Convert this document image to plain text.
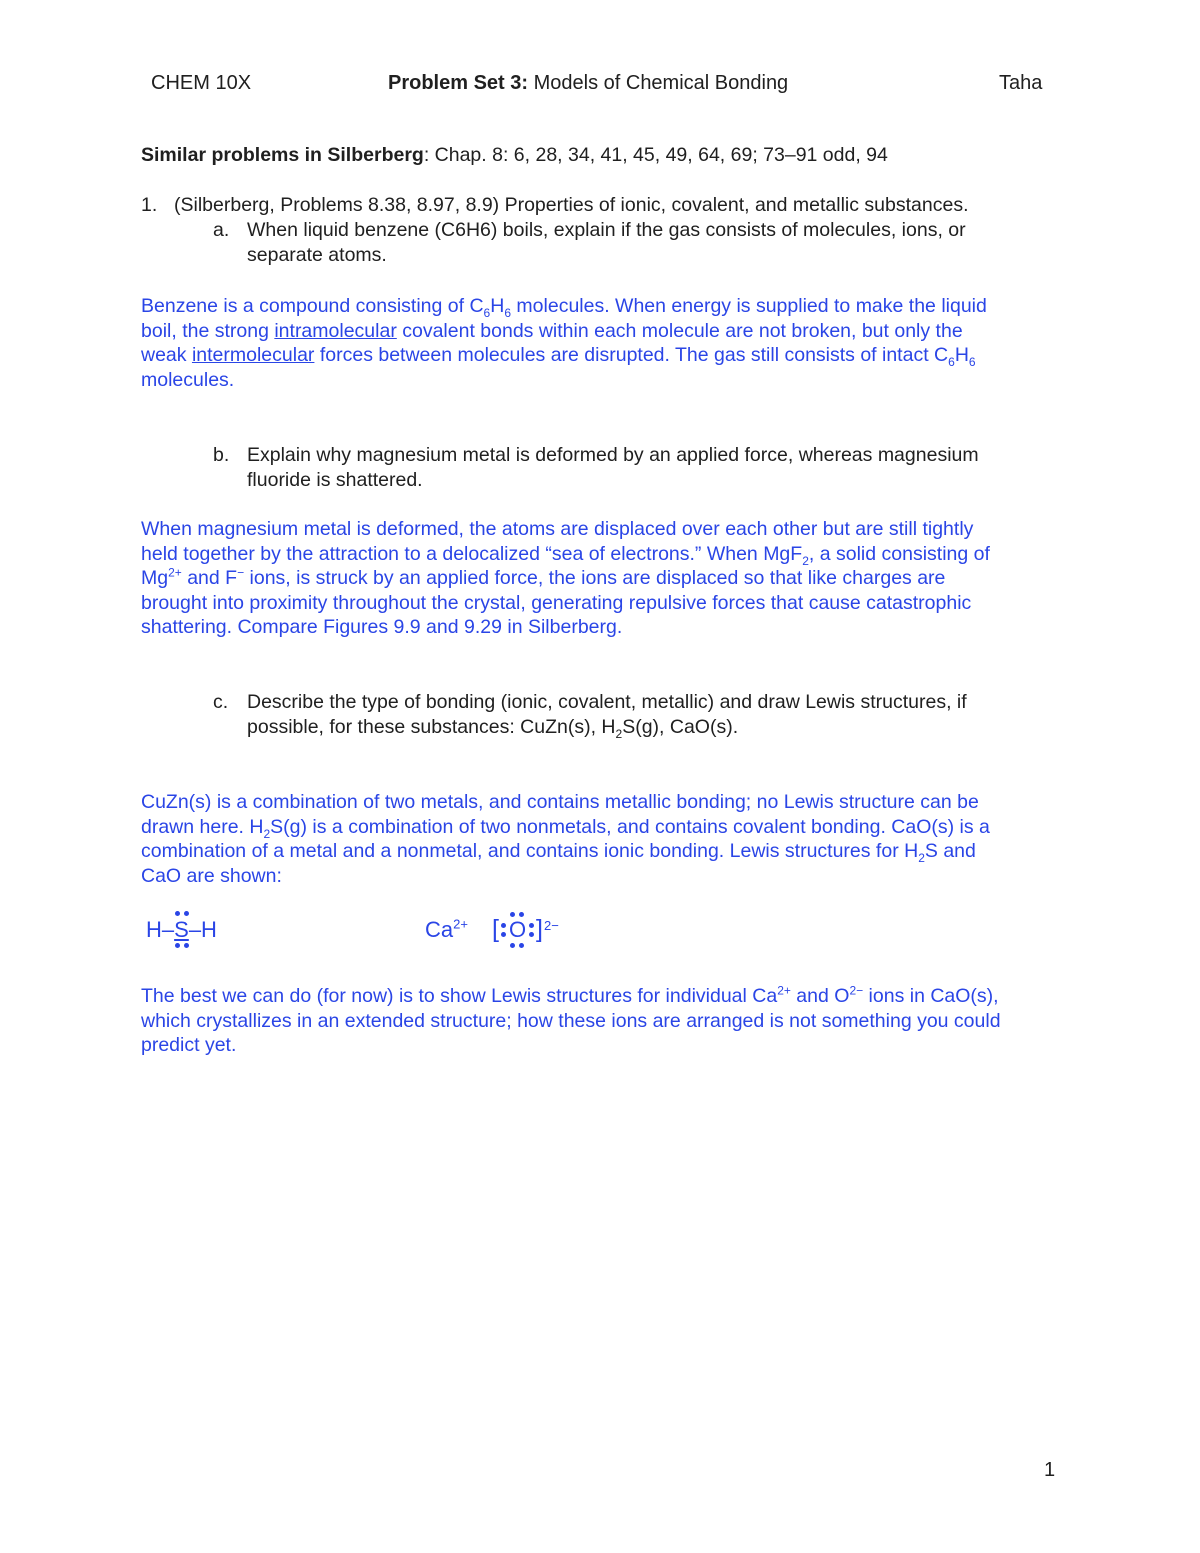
CHEM 10X	Problem Set 3: Models of Chemical Bonding	Taha
Similar problems in Silberberg: Chap. 8: 6, 28, 34, 41, 45, 49, 64, 69; 73–91 odd, 94
1. (Silberberg, Problems 8.38, 8.97, 8.9) Properties of ionic, covalent, and metallic substances.
a. When liquid benzene (C6H6) boils, explain if the gas consists of molecules, ions, or
separate atoms.
Benzene is a compound consisting of $C_6H_6$ molecules. When energy is supplied to make the liquid
boil, the strong intramolecular covalent bonds within each molecule are not broken, but only the
weak intermolecular forces between molecules are disrupted. The gas still consists of intact $C_6H_6$
molecules.
b. Explain why magnesium metal is deformed by an applied force, whereas magnesium
fluoride is shattered.
When magnesium metal is deformed, the atoms are displaced over each other but are still tightly
held together by the attraction to a delocalized “sea of electrons.” When MgF$_2$, a solid consisting of
$Mg^{2+}$ and F− ions, is struck by an applied force, the ions are displaced so that like charges are
brought into proximity throughout the crystal, generating repulsive forces that cause catastrophic
shattering. Compare Figures 9.9 and 9.29 in Silberberg.
c. Describe the type of bonding (ionic, covalent, metallic) and draw Lewis structures, if
possible, for these substances: CuZn(s), $H_2S(g)$, CaO(s).
CuZn(s) is a combination of two metals, and contains metallic bonding; no Lewis structure can be
drawn here. $H_2S(g)$ is a combination of two nonmetals, and contains covalent bonding. CaO(s) is a
combination of a metal and a nonmetal, and contains ionic bonding. Lewis structures for $H_2S$ and
CaO are shown:
H–S–H	$Ca^{2+}$ [ O ] 2−
The best we can do (for now) is to show Lewis structures for individual $Ca^{2+}$ and $O^{2-}$ ions in CaO(s),
which crystallizes in an extended structure; how these ions are arranged is not something you could
predict yet.
1
